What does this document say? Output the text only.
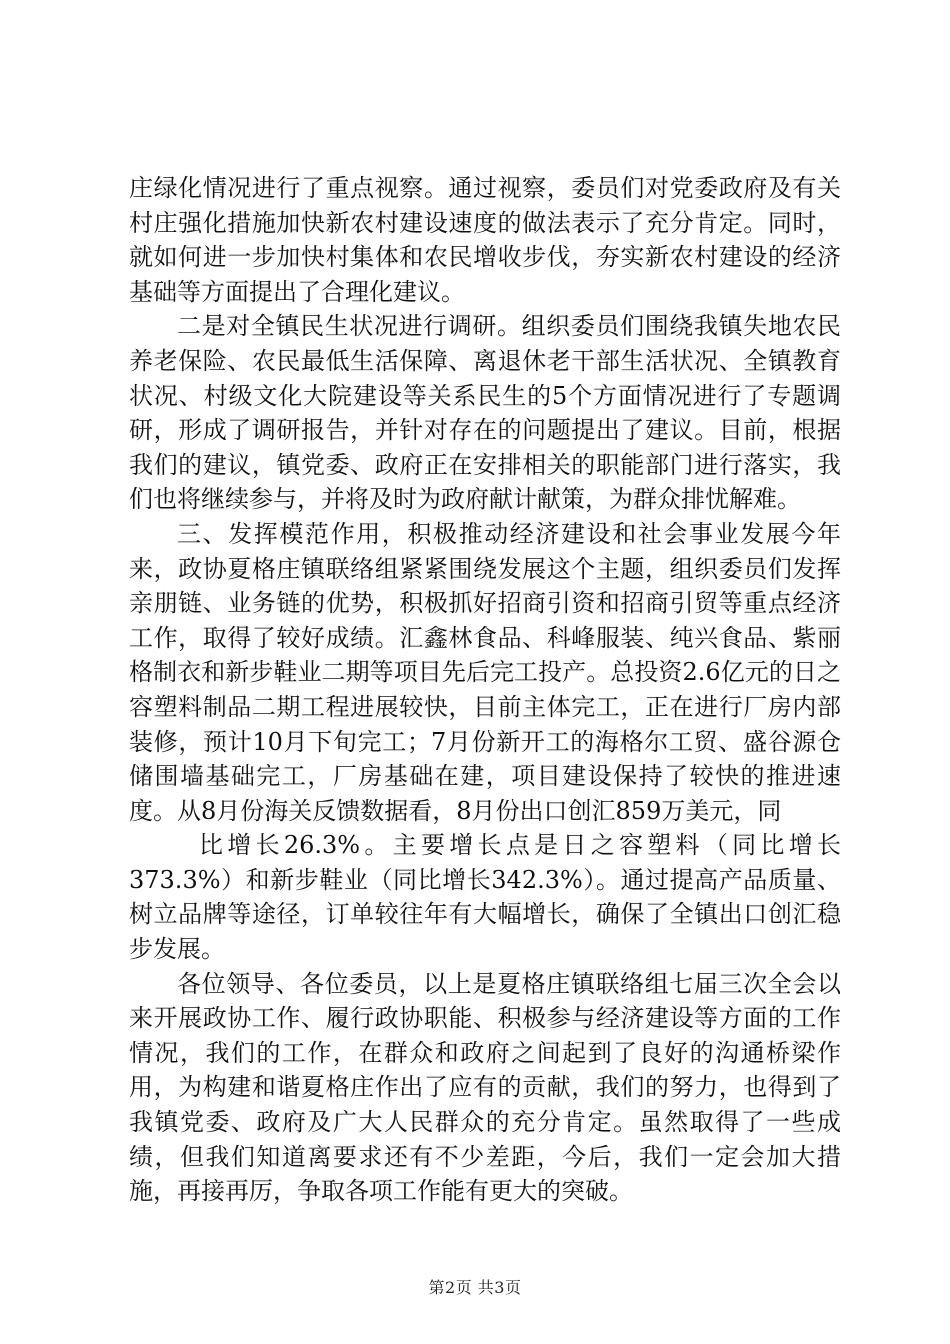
庄绿化情况进行了重点视察。通过视察，委员们对党委政府及有关村庄强化措施加快新农村建设速度的做法表示了充分肯定。同时，就如何进一步加快村集体和农民增收步伐，夯实新农村建设的经济基础等方面提出了合理化建议。

二是对全镇民生状况进行调研。组织委员们围绕我镇失地农民养老保险、农民最低生活保障、离退休老干部生活状况、全镇教育状况、村级文化大院建设等关系民生的5个方面情况进行了专题调研，形成了调研报告，并针对存在的问题提出了建议。目前，根据我们的建议，镇党委、政府正在安排相关的职能部门进行落实，我们也将继续参与，并将及时为政府献计献策，为群众排忧解难。

三、发挥模范作用，积极推动经济建设和社会事业发展今年来，政协夏格庄镇联络组紧紧围绕发展这个主题，组织委员们发挥亲朋链、业务链的优势，积极抓好招商引资和招商引贸等重点经济工作，取得了较好成绩。汇鑫林食品、科峰服装、纯兴食品、紫丽格制衣和新步鞋业二期等项目先后完工投产。总投资2.6亿元的日之容塑料制品二期工程进展较快，目前主体完工，正在进行厂房内部装修，预计10月下旬完工；7月份新开工的海格尔工贸、盛谷源仓储围墙基础完工，厂房基础在建，项目建设保持了较快的推进速度。从8月份海关反馈数据看，8月份出口创汇859万美元，同

比增长26.3%。主要增长点是日之容塑料（同比增长373.3%）和新步鞋业（同比增长342.3%）。通过提高产品质量、树立品牌等途径，订单较往年有大幅增长，确保了全镇出口创汇稳步发展。

各位领导、各位委员，以上是夏格庄镇联络组七届三次全会以来开展政协工作、履行政协职能、积极参与经济建设等方面的工作情况，我们的工作，在群众和政府之间起到了良好的沟通桥梁作用，为构建和谐夏格庄作出了应有的贡献，我们的努力，也得到了我镇党委、政府及广大人民群众的充分肯定。虽然取得了一些成绩，但我们知道离要求还有不少差距，今后，我们一定会加大措施，再接再厉，争取各项工作能有更大的突破。

第2页 共3页
